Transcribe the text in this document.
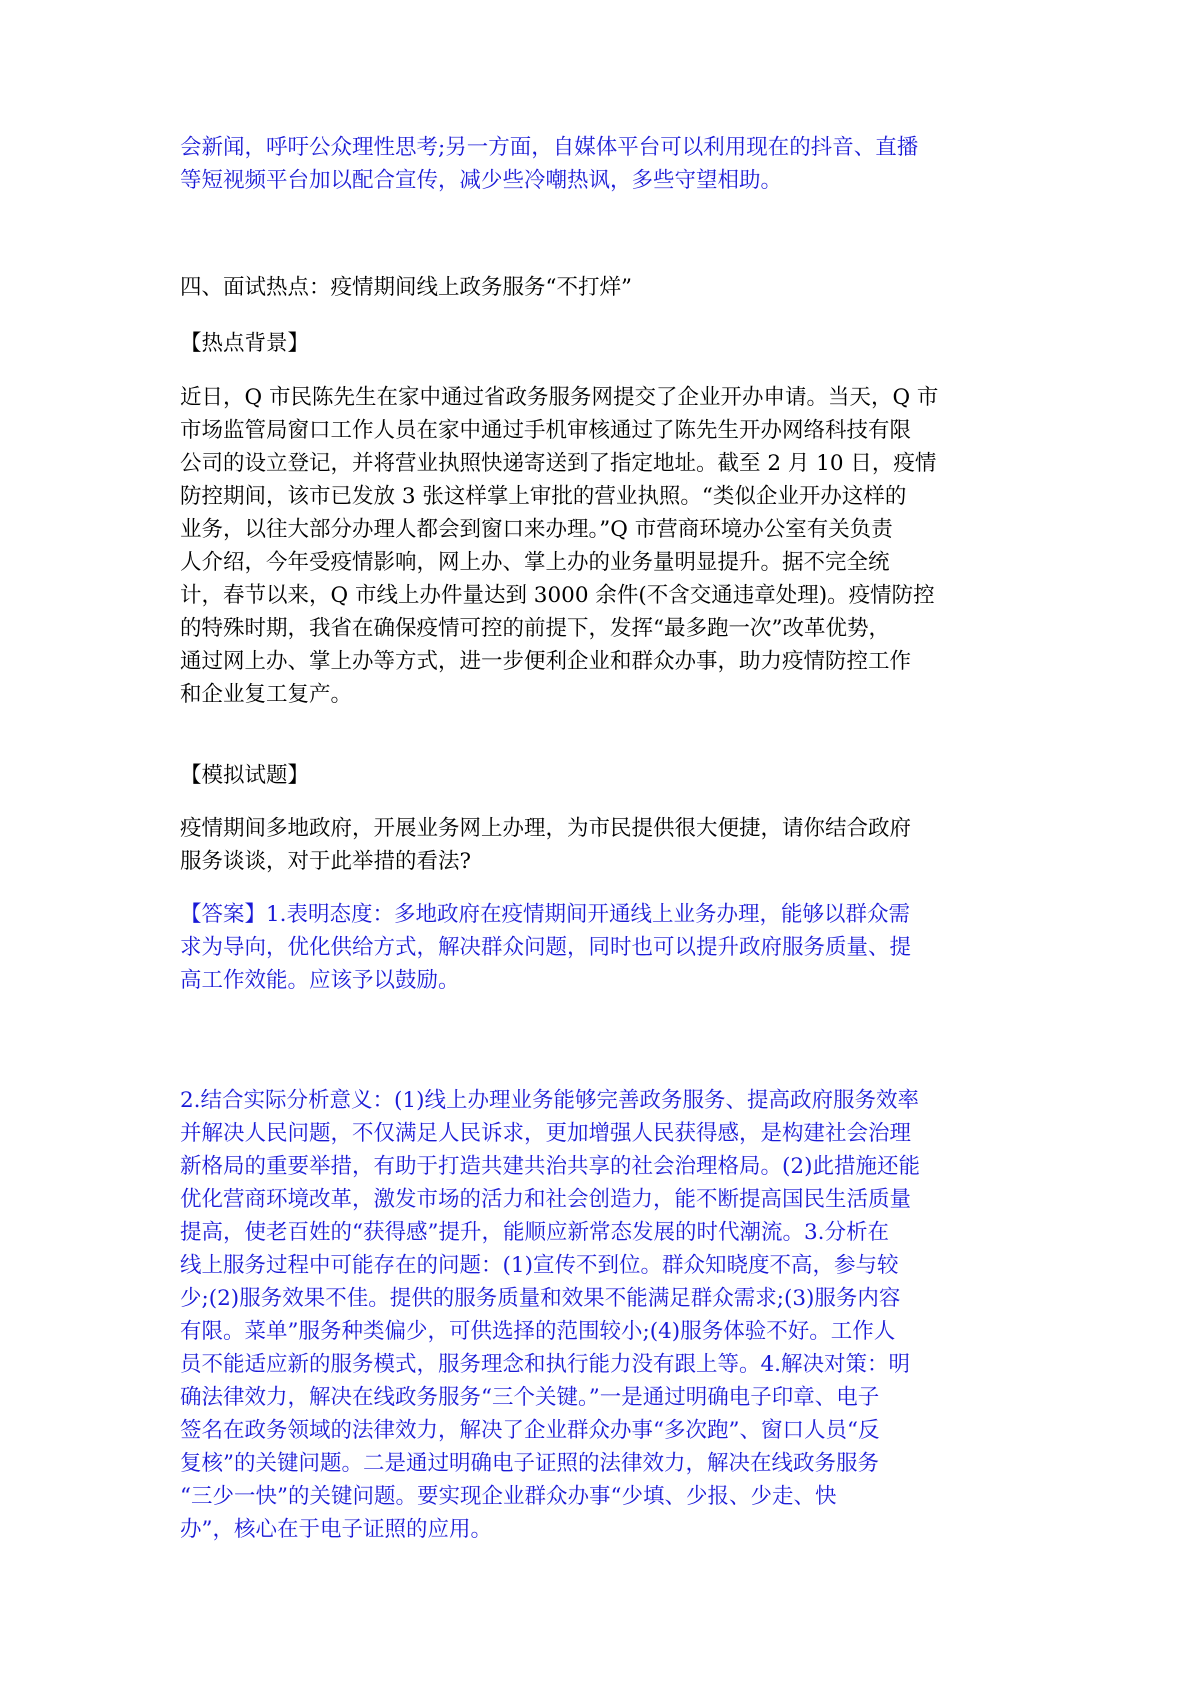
会新闻，呼吁公众理性思考;另一方面，自媒体平台可以利用现在的抖音、直播
等短视频平台加以配合宣传，减少些冷嘲热讽，多些守望相助。
四、面试热点：疫情期间线上政务服务“不打烊”
【热点背景】
近日，Q 市民陈先生在家中通过省政务服务网提交了企业开办申请。当天，Q 市
市场监管局窗口工作人员在家中通过手机审核通过了陈先生开办网络科技有限
公司的设立登记，并将营业执照快递寄送到了指定地址。截至 2 月 10 日，疫情
防控期间，该市已发放 3 张这样掌上审批的营业执照。“类似企业开办这样的
业务，以往大部分办理人都会到窗口来办理。”Q 市营商环境办公室有关负责
人介绍，今年受疫情影响，网上办、掌上办的业务量明显提升。据不完全统
计，春节以来，Q 市线上办件量达到 3000 余件(不含交通违章处理)。疫情防控
的特殊时期，我省在确保疫情可控的前提下，发挥“最多跑一次”改革优势，
通过网上办、掌上办等方式，进一步便利企业和群众办事，助力疫情防控工作
和企业复工复产。
【模拟试题】
疫情期间多地政府，开展业务网上办理，为市民提供很大便捷，请你结合政府
服务谈谈，对于此举措的看法?
【答案】1.表明态度：多地政府在疫情期间开通线上业务办理，能够以群众需
求为导向，优化供给方式，解决群众问题，同时也可以提升政府服务质量、提
高工作效能。应该予以鼓励。
2.结合实际分析意义：(1)线上办理业务能够完善政务服务、提高政府服务效率
并解决人民问题，不仅满足人民诉求，更加增强人民获得感，是构建社会治理
新格局的重要举措，有助于打造共建共治共享的社会治理格局。(2)此措施还能
优化营商环境改革，激发市场的活力和社会创造力，能不断提高国民生活质量
提高，使老百姓的“获得感”提升，能顺应新常态发展的时代潮流。3.分析在
线上服务过程中可能存在的问题：(1)宣传不到位。群众知晓度不高，参与较
少;(2)服务效果不佳。提供的服务质量和效果不能满足群众需求;(3)服务内容
有限。菜单”服务种类偏少，可供选择的范围较小;(4)服务体验不好。工作人
员不能适应新的服务模式，服务理念和执行能力没有跟上等。4.解决对策：明
确法律效力，解决在线政务服务“三个关键。”一是通过明确电子印章、电子
签名在政务领域的法律效力，解决了企业群众办事“多次跑”、窗口人员“反
复核”的关键问题。二是通过明确电子证照的法律效力，解决在线政务服务
“三少一快”的关键问题。要实现企业群众办事“少填、少报、少走、快
办”，核心在于电子证照的应用。
